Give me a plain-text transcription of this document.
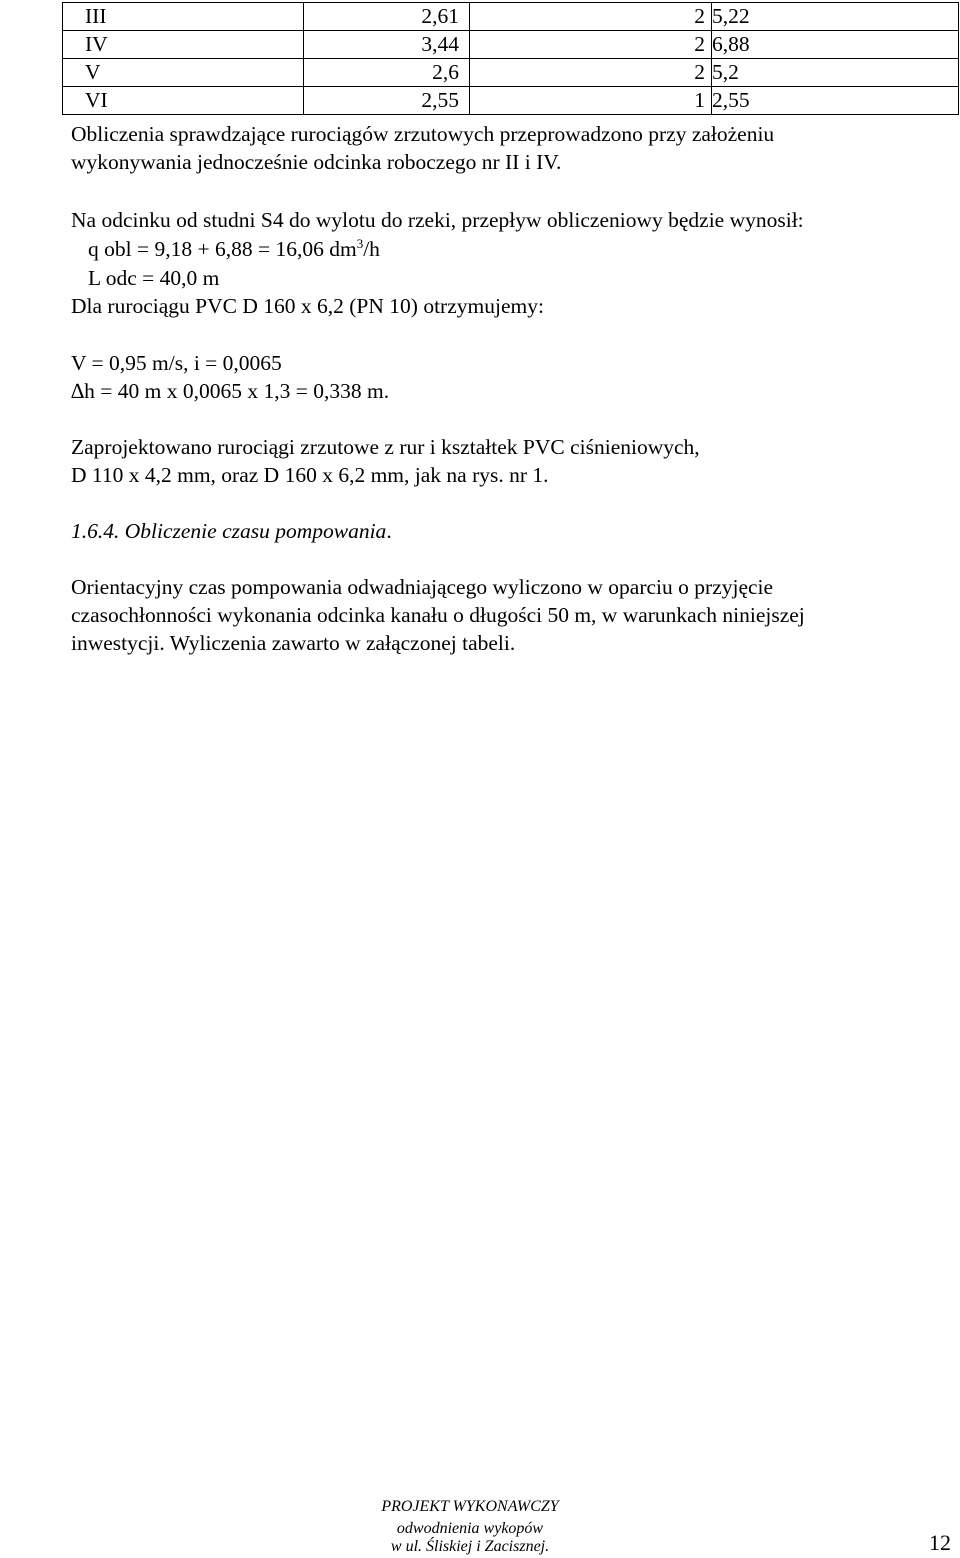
III	2,61	2	5,22
IV	3,44	2	6,88
V	2,6	2	5,2
VI	2,55	1	2,55
Obliczenia sprawdzające rurociągów zrzutowych przeprowadzono przy założeniu
wykonywania jednocześnie odcinka roboczego nr II i IV.
Na odcinku od studni S4 do wylotu do rzeki, przepływ obliczeniowy będzie wynosił:
q obl = 9,18 + 6,88 = 16,06 $dm^3/h$
L odc = 40,0 m
Dla rurociągu PVC D 160 x 6,2 (PN 10) otrzymujemy:
V = 0,95 m/s, i = 0,0065
∆h = 40 m x 0,0065 x 1,3 = 0,338 m.
Zaprojektowano rurociągi zrzutowe z rur i kształtek PVC ciśnieniowych,
D 110 x 4,2 mm, oraz D 160 x 6,2 mm, jak na rys. nr 1.
1.6.4. Obliczenie czasu pompowania.
Orientacyjny czas pompowania odwadniającego wyliczono w oparciu o przyjęcie
czasochłonności wykonania odcinka kanału o długości 50 m, w warunkach niniejszej
inwestycji. Wyliczenia zawarto w załączonej tabeli.
PROJEKT WYKONAWCZY
odwodnienia wykopów
w ul. Śliskiej i Zacisznej.	12
